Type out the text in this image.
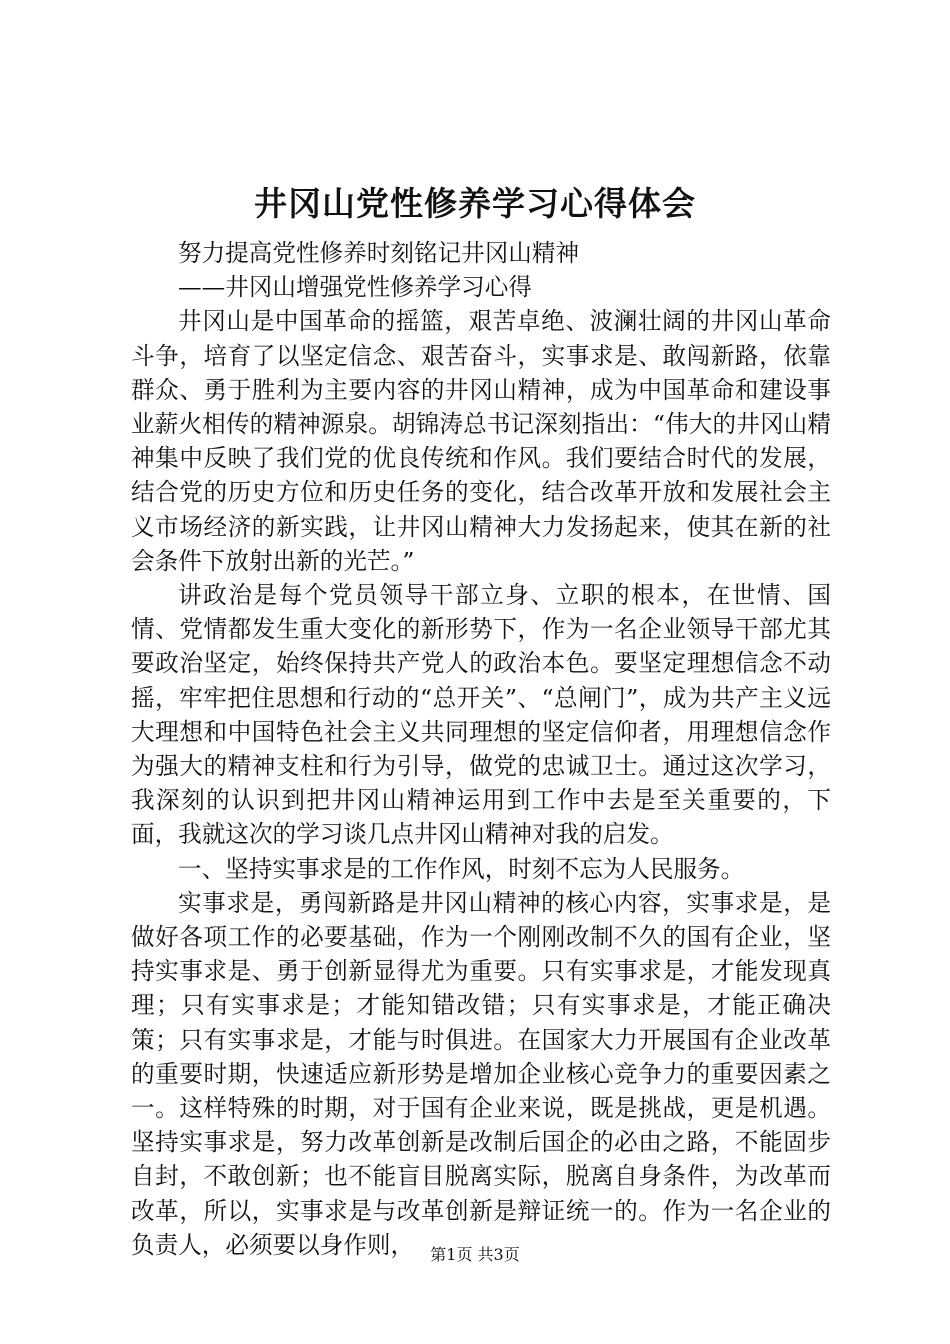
井冈山党性修养学习心得体会

努力提高党性修养时刻铭记井冈山精神

——井冈山增强党性修养学习心得

井冈山是中国革命的摇篮，艰苦卓绝、波澜壮阔的井冈山革命斗争，培育了以坚定信念、艰苦奋斗，实事求是、敢闯新路，依靠群众、勇于胜利为主要内容的井冈山精神，成为中国革命和建设事业薪火相传的精神源泉。胡锦涛总书记深刻指出：“伟大的井冈山精神集中反映了我们党的优良传统和作风。我们要结合时代的发展，结合党的历史方位和历史任务的变化，结合改革开放和发展社会主义市场经济的新实践，让井冈山精神大力发扬起来，使其在新的社会条件下放射出新的光芒。”

讲政治是每个党员领导干部立身、立职的根本，在世情、国情、党情都发生重大变化的新形势下，作为一名企业领导干部尤其要政治坚定，始终保持共产党人的政治本色。要坚定理想信念不动摇，牢牢把住思想和行动的“总开关”、“总闸门”，成为共产主义远大理想和中国特色社会主义共同理想的坚定信仰者，用理想信念作为强大的精神支柱和行为引导，做党的忠诚卫士。通过这次学习，我深刻的认识到把井冈山精神运用到工作中去是至关重要的，下面，我就这次的学习谈几点井冈山精神对我的启发。

一、坚持实事求是的工作作风，时刻不忘为人民服务。

实事求是，勇闯新路是井冈山精神的核心内容，实事求是，是做好各项工作的必要基础，作为一个刚刚改制不久的国有企业，坚持实事求是、勇于创新显得尤为重要。只有实事求是，才能发现真理；只有实事求是；才能知错改错；只有实事求是，才能正确决策；只有实事求是，才能与时俱进。在国家大力开展国有企业改革的重要时期，快速适应新形势是增加企业核心竞争力的重要因素之一。这样特殊的时期，对于国有企业来说，既是挑战，更是机遇。坚持实事求是，努力改革创新是改制后国企的必由之路，不能固步自封，不敢创新；也不能盲目脱离实际，脱离自身条件，为改革而改革，所以，实事求是与改革创新是辩证统一的。作为一名企业的负责人，必须要以身作则，	第1页 共3页
